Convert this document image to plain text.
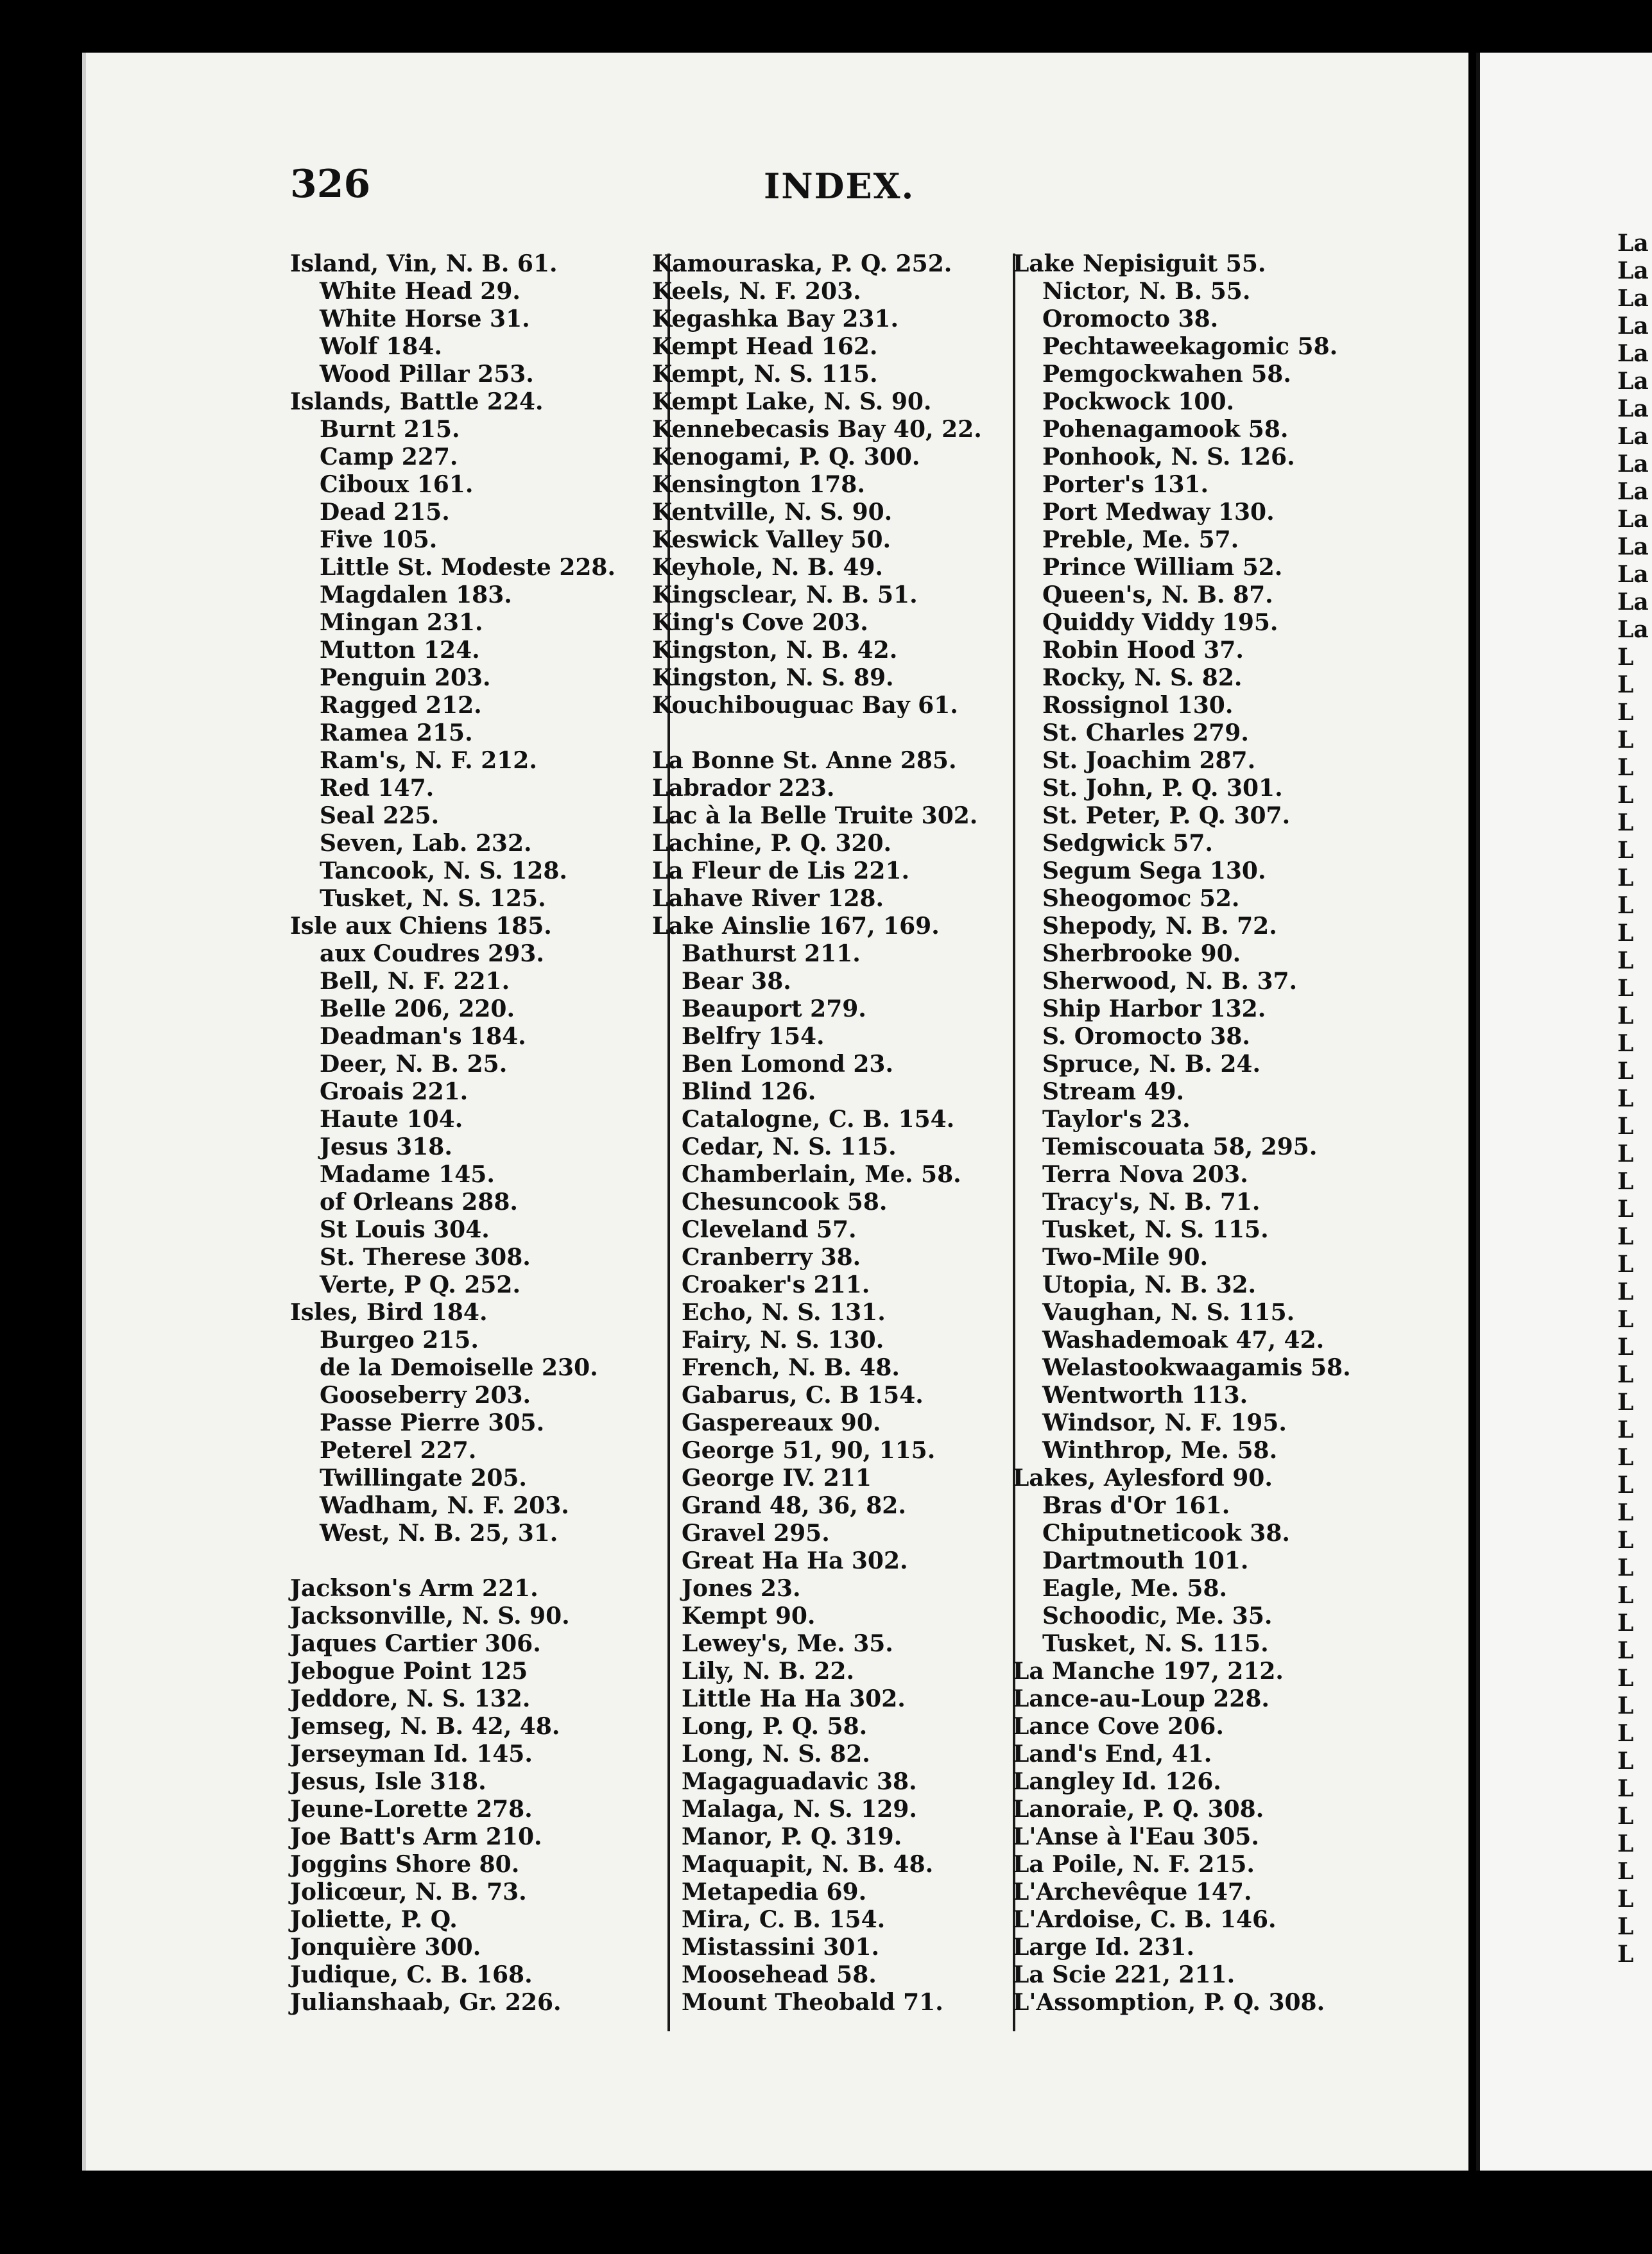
326	INDEX.
Island, Vin, N. B. 61.
White Head 29.
White Horse 31.
Wolf 184.
Wood Pillar 253.
Islands, Battle 224.
Burnt 215.
Camp 227.
Ciboux 161.
Dead 215.
Five 105.
Little St. Modeste 228.
Magdalen 183.
Mingan 231.
Mutton 124.
Penguin 203.
Ragged 212.
Ramea 215.
Ram's, N. F. 212.
Red 147.
Seal 225.
Seven, Lab. 232.
Tancook, N. S. 128.
Tusket, N. S. 125.
Isle aux Chiens 185.
aux Coudres 293.
Bell, N. F. 221.
Belle 206, 220.
Deadman's 184.
Deer, N. B. 25.
Groais 221.
Haute 104.
Jesus 318.
Madame 145.
of Orleans 288.
St Louis 304.
St. Therese 308.
Verte, P Q. 252.
Isles, Bird 184.
Burgeo 215.
de la Demoiselle 230.
Gooseberry 203.
Passe Pierre 305.
Peterel 227.
Twillingate 205.
Wadham, N. F. 203.
West, N. B. 25, 31.
Jackson's Arm 221.
Jacksonville, N. S. 90.
Jaques Cartier 306.
Jebogue Point 125
Jeddore, N. S. 132.
Jemseg, N. B. 42, 48.
Jerseyman Id. 145.
Jesus, Isle 318.
Jeune-Lorette 278.
Joe Batt's Arm 210.
Joggins Shore 80.
Jolicœur, N. B. 73.
Joliette, P. Q.
Jonquière 300.
Judique, C. B. 168.
Julianshaab, Gr. 226.
Kamouraska, P. Q. 252.
Keels, N. F. 203.
Kegashka Bay 231.
Kempt Head 162.
Kempt, N. S. 115.
Kempt Lake, N. S. 90.
Kennebecasis Bay 40, 22.
Kenogami, P. Q. 300.
Kensington 178.
Kentville, N. S. 90.
Keswick Valley 50.
Keyhole, N. B. 49.
Kingsclear, N. B. 51.
King's Cove 203.
Kingston, N. B. 42.
Kingston, N. S. 89.
Kouchibouguac Bay 61.
La Bonne St. Anne 285.
Labrador 223.
Lac à la Belle Truite 302.
Lachine, P. Q. 320.
La Fleur de Lis 221.
Lahave River 128.
Lake Ainslie 167, 169.
Bathurst 211.
Bear 38.
Beauport 279.
Belfry 154.
Ben Lomond 23.
Blind 126.
Catalogne, C. B. 154.
Cedar, N. S. 115.
Chamberlain, Me. 58.
Chesuncook 58.
Cleveland 57.
Cranberry 38.
Croaker's 211.
Echo, N. S. 131.
Fairy, N. S. 130.
French, N. B. 48.
Gabarus, C. B 154.
Gaspereaux 90.
George 51, 90, 115.
George IV. 211
Grand 48, 36, 82.
Gravel 295.
Great Ha Ha 302.
Jones 23.
Kempt 90.
Lewey's, Me. 35.
Lily, N. B. 22.
Little Ha Ha 302.
Long, P. Q. 58.
Long, N. S. 82.
Magaguadavic 38.
Malaga, N. S. 129.
Manor, P. Q. 319.
Maquapit, N. B. 48.
Metapedia 69.
Mira, C. B. 154.
Mistassini 301.
Moosehead 58.
Mount Theobald 71.
Lake Nepisiguit 55.
Nictor, N. B. 55.
Oromocto 38.
Pechtaweekagomic 58.
Pemgockwahen 58.
Pockwock 100.
Pohenagamook 58.
Ponhook, N. S. 126.
Porter's 131.
Port Medway 130.
Preble, Me. 57.
Prince William 52.
Queen's, N. B. 87.
Quiddy Viddy 195.
Robin Hood 37.
Rocky, N. S. 82.
Rossignol 130.
St. Charles 279.
St. Joachim 287.
St. John, P. Q. 301.
St. Peter, P. Q. 307.
Sedgwick 57.
Segum Sega 130.
Sheogomoc 52.
Shepody, N. B. 72.
Sherbrooke 90.
Sherwood, N. B. 37.
Ship Harbor 132.
S. Oromocto 38.
Spruce, N. B. 24.
Stream 49.
Taylor's 23.
Temiscouata 58, 295.
Terra Nova 203.
Tracy's, N. B. 71.
Tusket, N. S. 115.
Two-Mile 90.
Utopia, N. B. 32.
Vaughan, N. S. 115.
Washademoak 47, 42.
Welastookwaagamis 58.
Wentworth 113.
Windsor, N. F. 195.
Winthrop, Me. 58.
Lakes, Aylesford 90.
Bras d'Or 161.
Chiputneticook 38.
Dartmouth 101.
Eagle, Me. 58.
Schoodic, Me. 35.
Tusket, N. S. 115.
La Manche 197, 212.
Lance-au-Loup 228.
Lance Cove 206.
Land's End, 41.
Langley Id. 126.
Lanoraie, P. Q. 308.
L'Anse à l'Eau 305.
La Poile, N. F. 215.
L'Archevêque 147.
L'Ardoise, C. B. 146.
Large Id. 231.
La Scie 221, 211.
L'Assomption, P. Q. 308.
La
La
La
La
La
La
La
La
La
La
La
La
La
La
La
L
L
L
L
L
L
L
L
L
L
L
L
L
L
L
L
L
L
L
L
L
L
L
L
L
L
L
L
L
L
L
L
L
L
L
L
L
L
L
L
L
L
L
L
L
L
L
L
